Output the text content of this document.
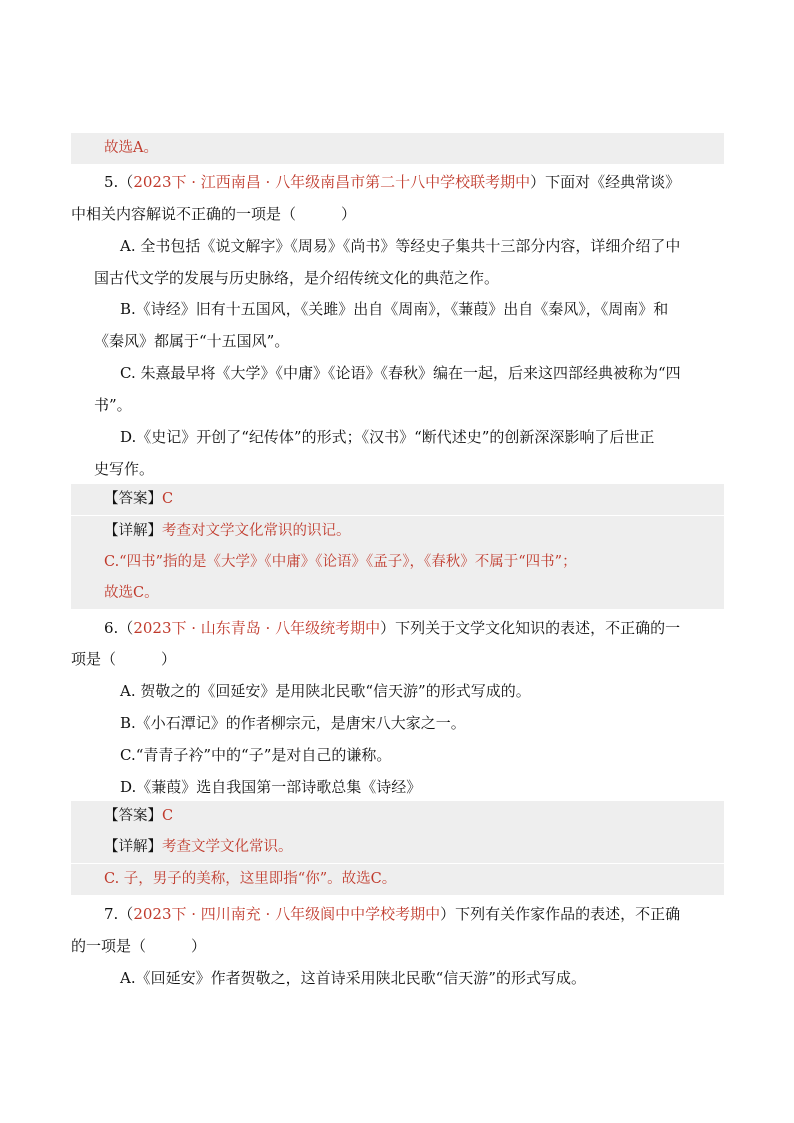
故选A。
5.（2023下 · 江西南昌 · 八年级南昌市第二十八中学校联考期中）下面对《经典常谈》
中相关内容解说不正确的一项是（　　　）
A. 全书包括《说文解字》《周易》《尚书》等经史子集共十三部分内容，详细介绍了中
国古代文学的发展与历史脉络，是介绍传统文化的典范之作。
B.《诗经》旧有十五国风，《关雎》出自《周南》，《蒹葭》出自《秦风》，《周南》和
《秦风》都属于“十五国风”。
C. 朱熹最早将《大学》《中庸》《论语》《春秋》编在一起，后来这四部经典被称为“四
书”。
D.《史记》开创了“纪传体”的形式；《汉书》“断代述史”的创新深深影响了后世正
史写作。
【答案】C
【详解】考查对文学文化常识的识记。
C.“四书”指的是《大学》《中庸》《论语》《孟子》，《春秋》不属于“四书”；
故选C。
6.（2023下 · 山东青岛 · 八年级统考期中）下列关于文学文化知识的表述，不正确的一
项是（　　　）
A. 贺敬之的《回延安》是用陕北民歌“信天游”的形式写成的。
B.《小石潭记》的作者柳宗元，是唐宋八大家之一。
C.“青青子衿”中的“子”是对自己的谦称。
D.《蒹葭》选自我国第一部诗歌总集《诗经》
【答案】C
【详解】考查文学文化常识。
C. 子，男子的美称，这里即指“你”。故选C。
7.（2023下 · 四川南充 · 八年级阆中中学校考期中）下列有关作家作品的表述，不正确
的一项是（　　　）
A.《回延安》作者贺敬之，这首诗采用陕北民歌“信天游”的形式写成。
